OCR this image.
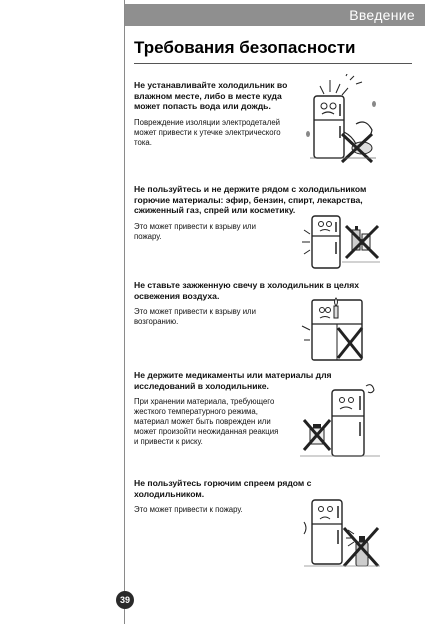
Введение
Требования безопасности

Не устанавливайте холодильник во влажном месте, либо в месте куда может попасть вода или дождь.

Повреждение изоляции электродеталей может привести к утечке электрического тока.

Не пользуйтесь и не держите рядом с холодильником горючие материалы: эфир, бензин, спирт, лекарства, сжиженный газ, спрей или косметику.

Это может привести к взрыву или пожару.

Не ставьте зажженную свечу в холодильник в целях освежения воздуха.

Это может привести к взрыву или возгоранию.

Не держите медикаменты или материалы для исследований в холодильнике.

При хранении материала, требующего жесткого температурного режима, материал может быть поврежден или может произойти неожиданная реакция и привести к риску.

Не пользуйтесь горючим спреем рядом с холодильником.

Это может привести к пожару.

39
